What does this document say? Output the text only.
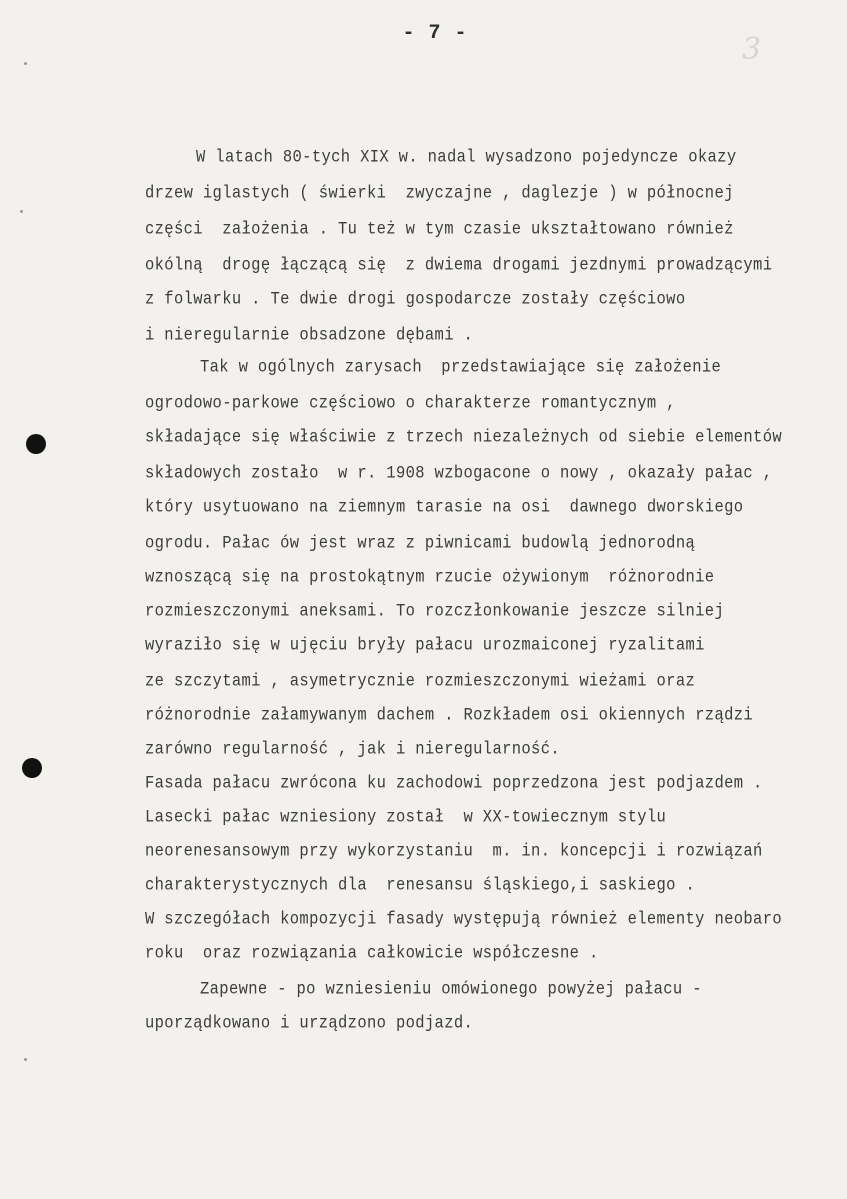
- 7 -	3
W latach 80-tych XIX w. nadal wysadzono pojedyncze okazy
drzew iglastych ( świerki  zwyczajne , daglezje ) w północnej
części  założenia . Tu też w tym czasie ukształtowano również
okólną  drogę łączącą się  z dwiema drogami jezdnymi prowadzącymi
z folwarku . Te dwie drogi gospodarcze zostały częściowo
i nieregularnie obsadzone dębami .
Tak w ogólnych zarysach  przedstawiające się założenie
ogrodowo-parkowe częściowo o charakterze romantycznym ,
składające się właściwie z trzech niezależnych od siebie elementów
składowych zostało  w r. 1908 wzbogacone o nowy , okazały pałac ,
który usytuowano na ziemnym tarasie na osi  dawnego dworskiego
ogrodu. Pałac ów jest wraz z piwnicami budowlą jednorodną
wznoszącą się na prostokątnym rzucie ożywionym  różnorodnie
rozmieszczonymi aneksami. To rozczłonkowanie jeszcze silniej
wyraziło się w ujęciu bryły pałacu urozmaiconej ryzalitami
ze szczytami , asymetrycznie rozmieszczonymi wieżami oraz
różnorodnie załamywanym dachem . Rozkładem osi okiennych rządzi
zarówno regularność , jak i nieregularność.
Fasada pałacu zwrócona ku zachodowi poprzedzona jest podjazdem .
Lasecki pałac wzniesiony został  w XX-towiecznym stylu
neorenesansowym przy wykorzystaniu  m. in. koncepcji i rozwiązań
charakterystycznych dla  renesansu śląskiego,i saskiego .
W szczegółach kompozycji fasady występują również elementy neobaro
roku  oraz rozwiązania całkowicie współczesne .
Zapewne - po wzniesieniu omówionego powyżej pałacu -
uporządkowano i urządzono podjazd.
